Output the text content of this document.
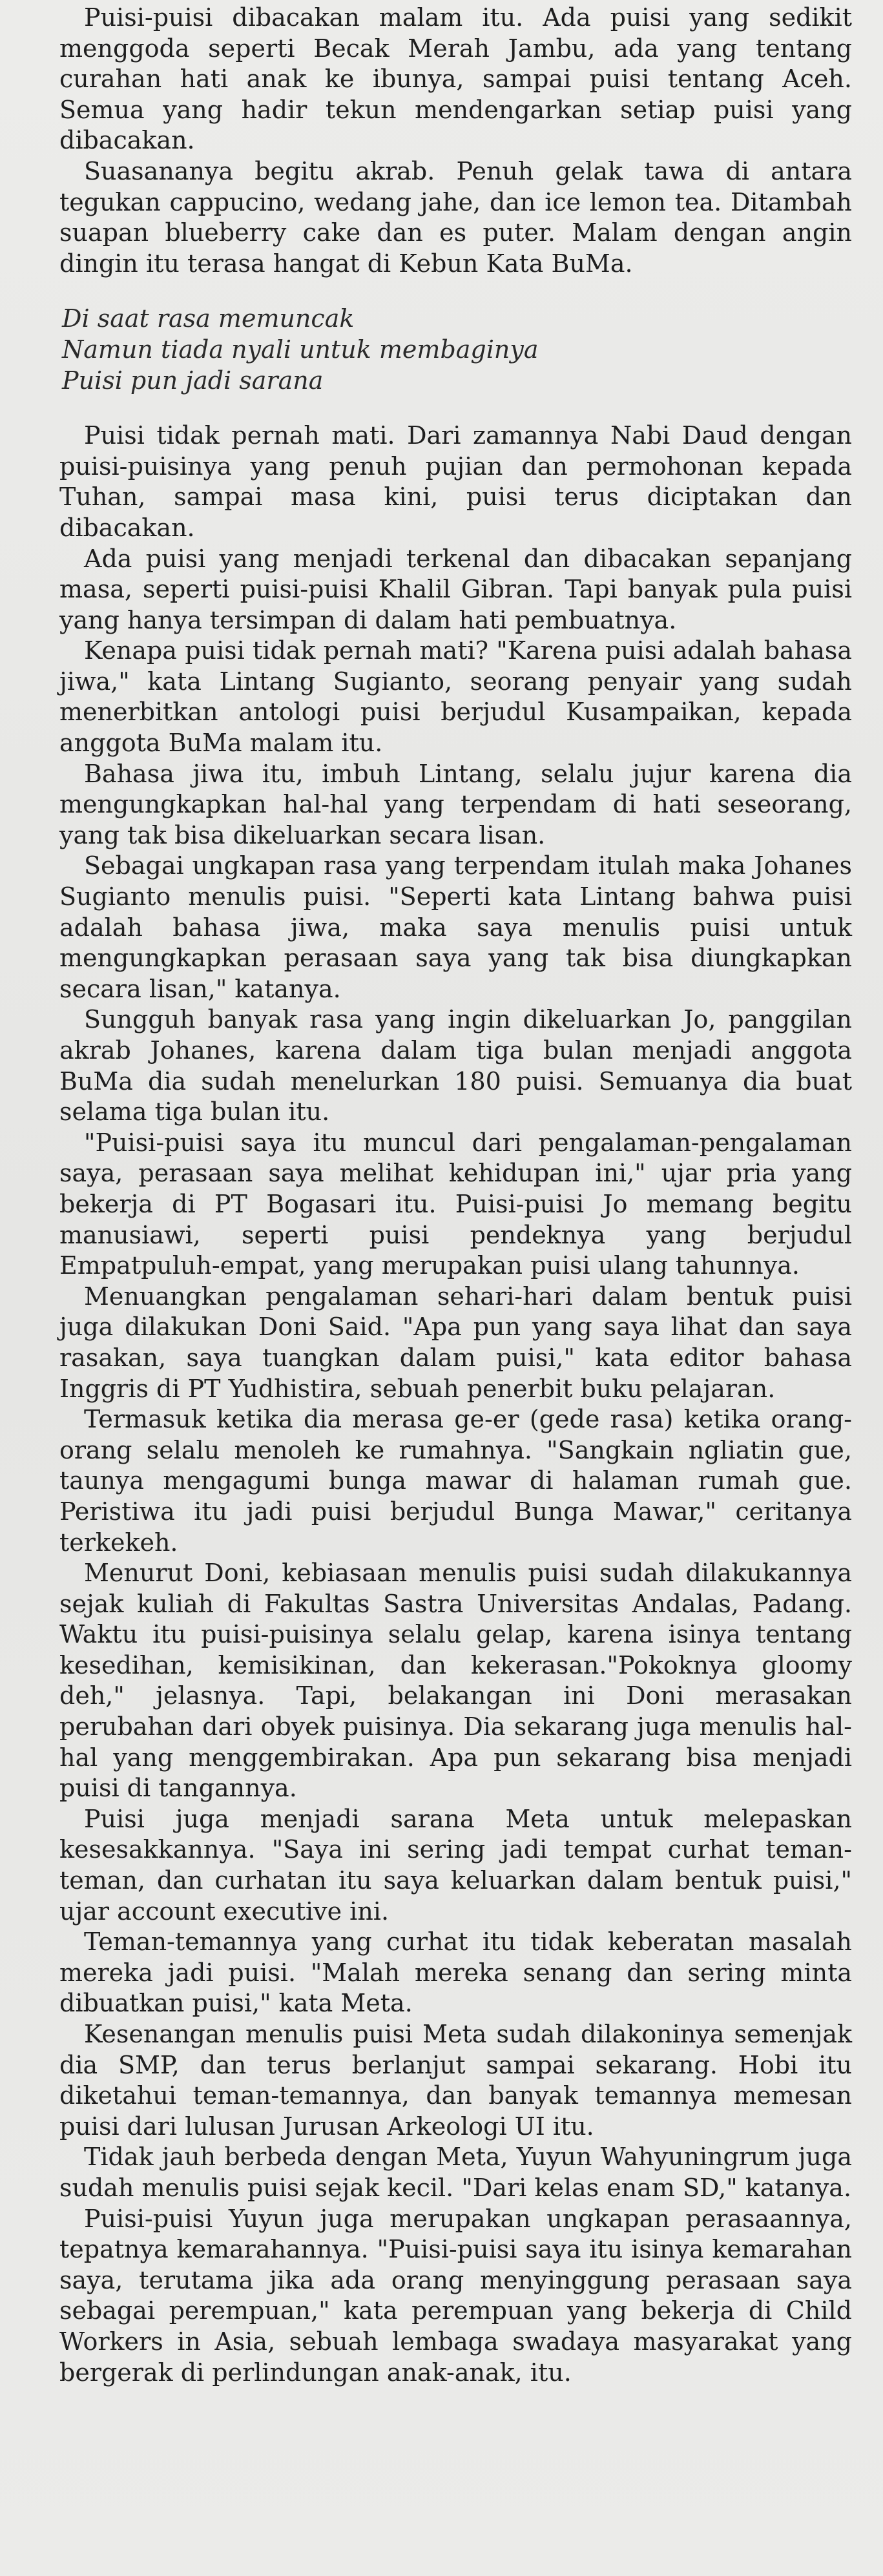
Puisi-puisi dibacakan malam itu. Ada puisi yang sedikit menggoda seperti Becak Merah Jambu, ada yang tentang curahan hati anak ke ibunya, sampai puisi tentang Aceh. Semua yang hadir tekun mendengarkan setiap puisi yang dibacakan.

Suasananya begitu akrab. Penuh gelak tawa di antara tegukan cappucino, wedang jahe, dan ice lemon tea. Ditambah suapan blueberry cake dan es puter. Malam dengan angin dingin itu terasa hangat di Kebun Kata BuMa.

Di saat rasa memuncak
Namun tiada nyali untuk membaginya
Puisi pun jadi sarana

Puisi tidak pernah mati. Dari zamannya Nabi Daud dengan puisi-puisinya yang penuh pujian dan permohonan kepada Tuhan, sampai masa kini, puisi terus diciptakan dan dibacakan.

Ada puisi yang menjadi terkenal dan dibacakan sepanjang masa, seperti puisi-puisi Khalil Gibran. Tapi banyak pula puisi yang hanya tersimpan di dalam hati pembuatnya.

Kenapa puisi tidak pernah mati? "Karena puisi adalah bahasa jiwa," kata Lintang Sugianto, seorang penyair yang sudah menerbitkan antologi puisi berjudul Kusampaikan, kepada anggota BuMa malam itu.

Bahasa jiwa itu, imbuh Lintang, selalu jujur karena dia mengungkapkan hal-hal yang terpendam di hati seseorang, yang tak bisa dikeluarkan secara lisan.

Sebagai ungkapan rasa yang terpendam itulah maka Johanes Sugianto menulis puisi. "Seperti kata Lintang bahwa puisi adalah bahasa jiwa, maka saya menulis puisi untuk mengungkapkan perasaan saya yang tak bisa diungkapkan secara lisan," katanya.

Sungguh banyak rasa yang ingin dikeluarkan Jo, panggilan akrab Johanes, karena dalam tiga bulan menjadi anggota BuMa dia sudah menelurkan 180 puisi. Semuanya dia buat selama tiga bulan itu.

"Puisi-puisi saya itu muncul dari pengalaman-pengalaman saya, perasaan saya melihat kehidupan ini," ujar pria yang bekerja di PT Bogasari itu. Puisi-puisi Jo memang begitu manusiawi, seperti puisi pendeknya yang berjudul Empatpuluh-empat, yang merupakan puisi ulang tahunnya.

Menuangkan pengalaman sehari-hari dalam bentuk puisi juga dilakukan Doni Said. "Apa pun yang saya lihat dan saya rasakan, saya tuangkan dalam puisi," kata editor bahasa Inggris di PT Yudhistira, sebuah penerbit buku pelajaran.

Termasuk ketika dia merasa ge-er (gede rasa) ketika orang-orang selalu menoleh ke rumahnya. "Sangkain ngliatin gue, taunya mengagumi bunga mawar di halaman rumah gue. Peristiwa itu jadi puisi berjudul Bunga Mawar," ceritanya terkekeh.

Menurut Doni, kebiasaan menulis puisi sudah dilakukannya sejak kuliah di Fakultas Sastra Universitas Andalas, Padang. Waktu itu puisi-puisinya selalu gelap, karena isinya tentang kesedihan, kemisikinan, dan kekerasan."Pokoknya gloomy deh," jelasnya. Tapi, belakangan ini Doni merasakan perubahan dari obyek puisinya. Dia sekarang juga menulis hal-hal yang menggembirakan. Apa pun sekarang bisa menjadi puisi di tangannya.

Puisi juga menjadi sarana Meta untuk melepaskan kesesakkannya. "Saya ini sering jadi tempat curhat teman-teman, dan curhatan itu saya keluarkan dalam bentuk puisi," ujar account executive ini.

Teman-temannya yang curhat itu tidak keberatan masalah mereka jadi puisi. "Malah mereka senang dan sering minta dibuatkan puisi," kata Meta.

Kesenangan menulis puisi Meta sudah dilakoninya semenjak dia SMP, dan terus berlanjut sampai sekarang. Hobi itu diketahui teman-temannya, dan banyak temannya memesan puisi dari lulusan Jurusan Arkeologi UI itu.

Tidak jauh berbeda dengan Meta, Yuyun Wahyuningrum juga sudah menulis puisi sejak kecil. "Dari kelas enam SD," katanya.

Puisi-puisi Yuyun juga merupakan ungkapan perasaannya, tepatnya kemarahannya. "Puisi-puisi saya itu isinya kemarahan saya, terutama jika ada orang menyinggung perasaan saya sebagai perempuan," kata perempuan yang bekerja di Child Workers in Asia, sebuah lembaga swadaya masyarakat yang bergerak di perlindungan anak-anak, itu.
